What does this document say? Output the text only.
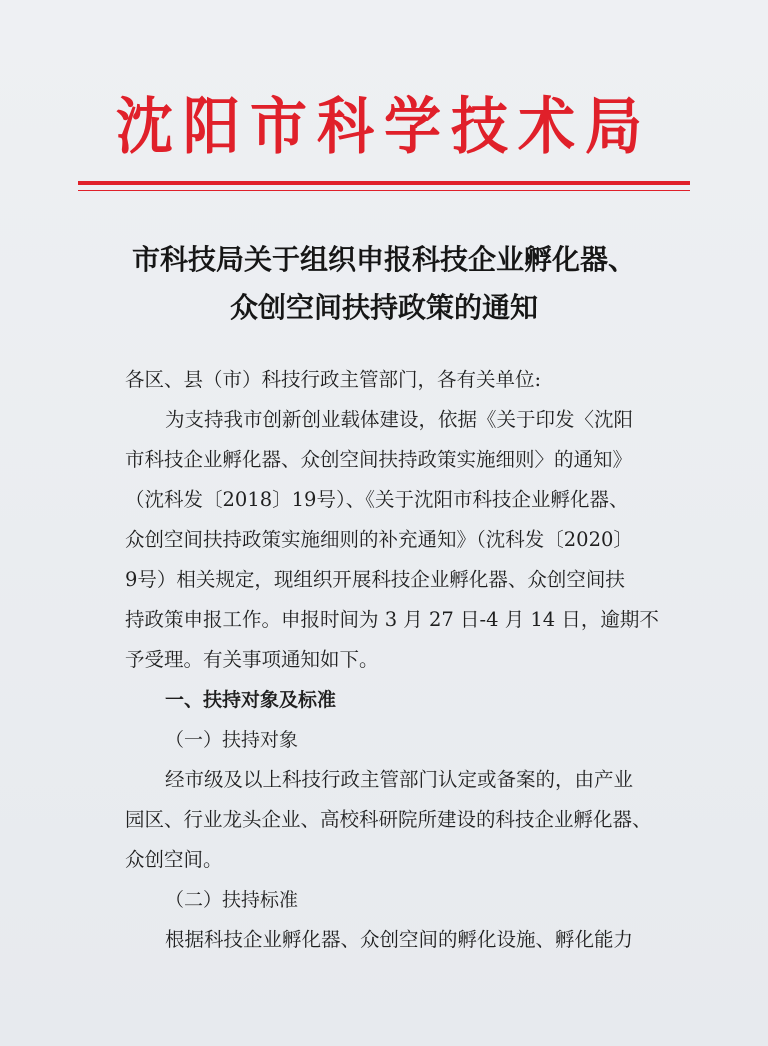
沈阳市科学技术局
市科技局关于组织申报科技企业孵化器、
众创空间扶持政策的通知
各区、县（市）科技行政主管部门，各有关单位:
为支持我市创新创业载体建设，依据《关于印发〈沈阳
市科技企业孵化器、众创空间扶持政策实施细则〉的通知》
（沈科发〔2018〕19号）、《关于沈阳市科技企业孵化器、
众创空间扶持政策实施细则的补充通知》（沈科发〔2020〕
9号）相关规定，现组织开展科技企业孵化器、众创空间扶
持政策申报工作。申报时间为 3 月 27 日-4 月 14 日，逾期不
予受理。有关事项通知如下。
一、扶持对象及标准
（一）扶持对象
经市级及以上科技行政主管部门认定或备案的，由产业
园区、行业龙头企业、高校科研院所建设的科技企业孵化器、
众创空间。
（二）扶持标准
根据科技企业孵化器、众创空间的孵化设施、孵化能力
